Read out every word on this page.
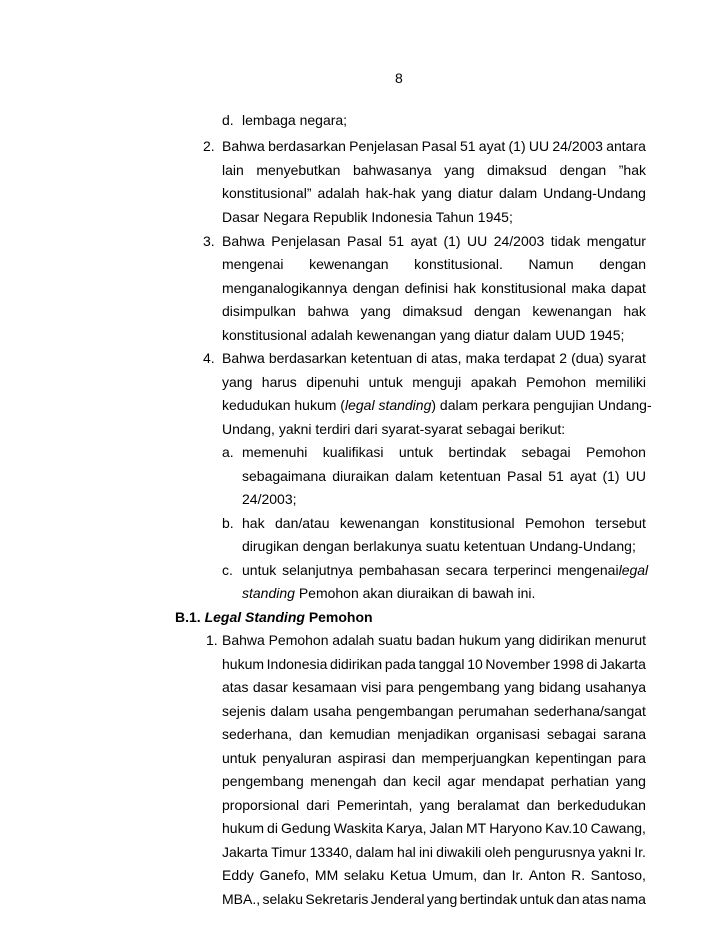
8
d. lembaga negara;
2. Bahwa berdasarkan Penjelasan Pasal 51 ayat (1) UU 24/2003 antara
lain menyebutkan bahwasanya yang dimaksud dengan ”hak
konstitusional” adalah hak-hak yang diatur dalam Undang-Undang
Dasar Negara Republik Indonesia Tahun 1945;
3. Bahwa Penjelasan Pasal 51 ayat (1) UU 24/2003 tidak mengatur
mengenai kewenangan konstitusional. Namun dengan
menganalogikannya dengan definisi hak konstitusional maka dapat
disimpulkan bahwa yang dimaksud dengan kewenangan hak
konstitusional adalah kewenangan yang diatur dalam UUD 1945;
4. Bahwa berdasarkan ketentuan di atas, maka terdapat 2 (dua) syarat
yang harus dipenuhi untuk menguji apakah Pemohon memiliki
kedudukan hukum (legal standing) dalam perkara pengujian Undang-
Undang, yakni terdiri dari syarat-syarat sebagai berikut:
a. memenuhi kualifikasi untuk bertindak sebagai Pemohon
sebagaimana diuraikan dalam ketentuan Pasal 51 ayat (1) UU
24/2003;
b. hak dan/atau kewenangan konstitusional Pemohon tersebut
dirugikan dengan berlakunya suatu ketentuan Undang-Undang;
c. untuk selanjutnya pembahasan secara terperinci mengenai legal
standing Pemohon akan diuraikan di bawah ini.
B.1. Legal Standing Pemohon
1. Bahwa Pemohon adalah suatu badan hukum yang didirikan menurut
hukum Indonesia didirikan pada tanggal 10 November 1998 di Jakarta
atas dasar kesamaan visi para pengembang yang bidang usahanya
sejenis dalam usaha pengembangan perumahan sederhana/sangat
sederhana, dan kemudian menjadikan organisasi sebagai sarana
untuk penyaluran aspirasi dan memperjuangkan kepentingan para
pengembang menengah dan kecil agar mendapat perhatian yang
proporsional dari Pemerintah, yang beralamat dan berkedudukan
hukum di Gedung Waskita Karya, Jalan MT Haryono Kav.10 Cawang,
Jakarta Timur 13340, dalam hal ini diwakili oleh pengurusnya yakni Ir.
Eddy Ganefo, MM selaku Ketua Umum, dan Ir. Anton R. Santoso,
MBA., selaku Sekretaris Jenderal yang bertindak untuk dan atas nama
